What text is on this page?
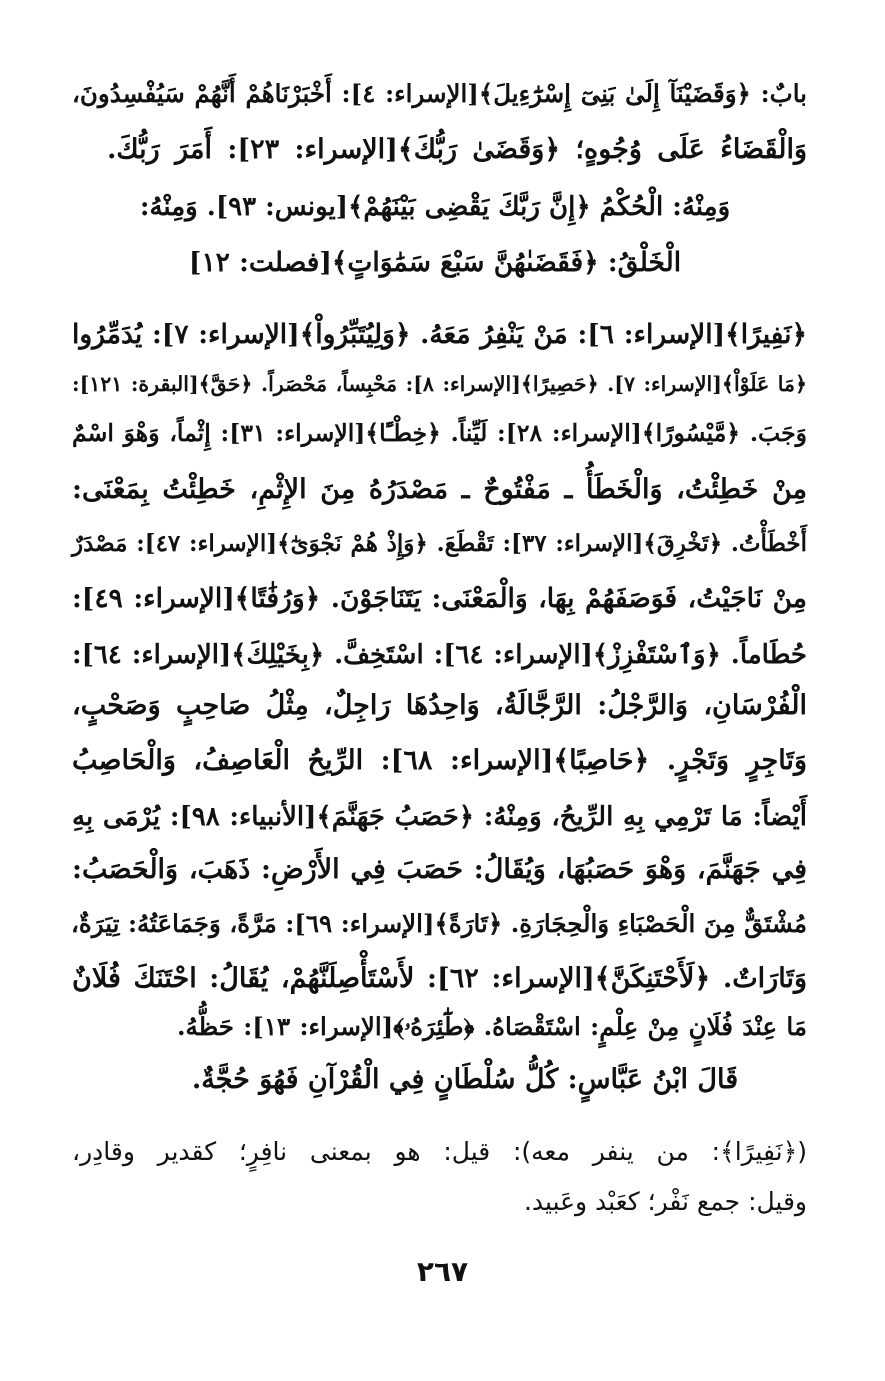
بابٌ: ﴿وَقَضَيْنَآ إِلَىٰ بَنِىٓ إِسْرَٰٓءِيلَ﴾[الإسراء: ٤]: أَخْبَرْنَاهُمْ أَنَّهُمْ سَيُفْسِدُونَ،
وَالْقَضَاءُ عَلَى وُجُوهٍ؛ ﴿وَقَضَىٰ رَبُّكَ﴾[الإسراء: ٢٣]: أَمَرَ رَبُّكَ.
وَمِنْهُ: الْحُكْمُ ﴿إِنَّ رَبَّكَ يَقْضِى بَيْنَهُمْ﴾[يونس: ٩٣]. وَمِنْهُ:
الْخَلْقُ: ﴿فَقَضَىٰهُنَّ سَبْعَ سَمَٰوَاتٍ﴾[فصلت: ١٢]
﴿نَفِيرًا﴾[الإسراء: ٦]: مَنْ يَنْفِرُ مَعَهُ. ﴿وَلِيُتَبِّرُواْ﴾[الإسراء: ٧]: يُدَمِّرُوا
﴿مَا عَلَوْاْ﴾[الإسراء: ٧]. ﴿حَصِيرًا﴾[الإسراء: ٨]: مَحْبِساً، مَحْصَراً. ﴿حَقَّ﴾[البقرة: ١٢١]:
وَجَبَ. ﴿مَّيْسُورًا﴾[الإسراء: ٢٨]: لَيِّناً. ﴿خِطْـًٔا﴾[الإسراء: ٣١]: إِثْماً، وَهْوَ اسْمٌ
مِنْ خَطِئْتُ، وَالْخَطَأُ ـ مَفْتُوحٌ ـ مَصْدَرُهُ مِنَ الإِثْمِ، خَطِئْتُ بِمَعْنَى:
أَخْطَأْتُ. ﴿تَخْرِقَ﴾[الإسراء: ٣٧]: تَقْطَعَ. ﴿وَإِذْ هُمْ نَجْوَىٰٓ﴾[الإسراء: ٤٧]: مَصْدَرٌ
مِنْ نَاجَيْتُ، فَوَصَفَهُمْ بِهَا، وَالْمَعْنَى: يَتَنَاجَوْنَ. ﴿وَرُفَٰتًا﴾[الإسراء: ٤٩]:
حُطَاماً. ﴿وَٱسْتَفْزِزْ﴾[الإسراء: ٦٤]: اسْتَخِفَّ. ﴿بِخَيْلِكَ﴾[الإسراء: ٦٤]:
الْفُرْسَانِ، وَالرَّجْلُ: الرَّجَّالَةُ، وَاحِدُهَا رَاجِلٌ، مِثْلُ صَاحِبٍ وَصَحْبٍ،
وَتَاجِرٍ وَتَجْرٍ. ﴿حَاصِبًا﴾[الإسراء: ٦٨]: الرِّيحُ الْعَاصِفُ، وَالْحَاصِبُ
أَيْضاً: مَا تَرْمِي بِهِ الرِّيحُ، وَمِنْهُ: ﴿حَصَبُ جَهَنَّمَ﴾[الأنبياء: ٩٨]: يُرْمَى بِهِ
فِي جَهَنَّمَ، وَهْوَ حَصَبُهَا، وَيُقَالُ: حَصَبَ فِي الأَرْضِ: ذَهَبَ، وَالْحَصَبُ:
مُشْتَقٌّ مِنَ الْحَصْبَاءِ وَالْحِجَارَةِ. ﴿تَارَةً﴾[الإسراء: ٦٩]: مَرَّةً، وَجَمَاعَتُهُ: تِيَرَةٌ،
وَتَارَاتٌ. ﴿لَأَحْتَنِكَنَّ﴾[الإسراء: ٦٢]: لأَسْتَأْصِلَنَّهُمْ، يُقَالُ: احْتَنَكَ فُلَانٌ
مَا عِنْدَ فُلَانٍ مِنْ عِلْمٍ: اسْتَقْصَاهُ. ﴿طَٰٓئِرَهُۥ﴾[الإسراء: ١٣]: حَظُّهُ.
قَالَ ابْنُ عَبَّاسٍ: كُلُّ سُلْطَانٍ فِي الْقُرْآنِ فَهُوَ حُجَّةٌ.
(﴿نَفِيرًا﴾: من ينفر معه): قيل: هو بمعنى نافِرٍ؛ كقدير وقادِر،
وقيل: جمع نَفْر؛ كعَبْد وعَبيد.
٢٦٧
